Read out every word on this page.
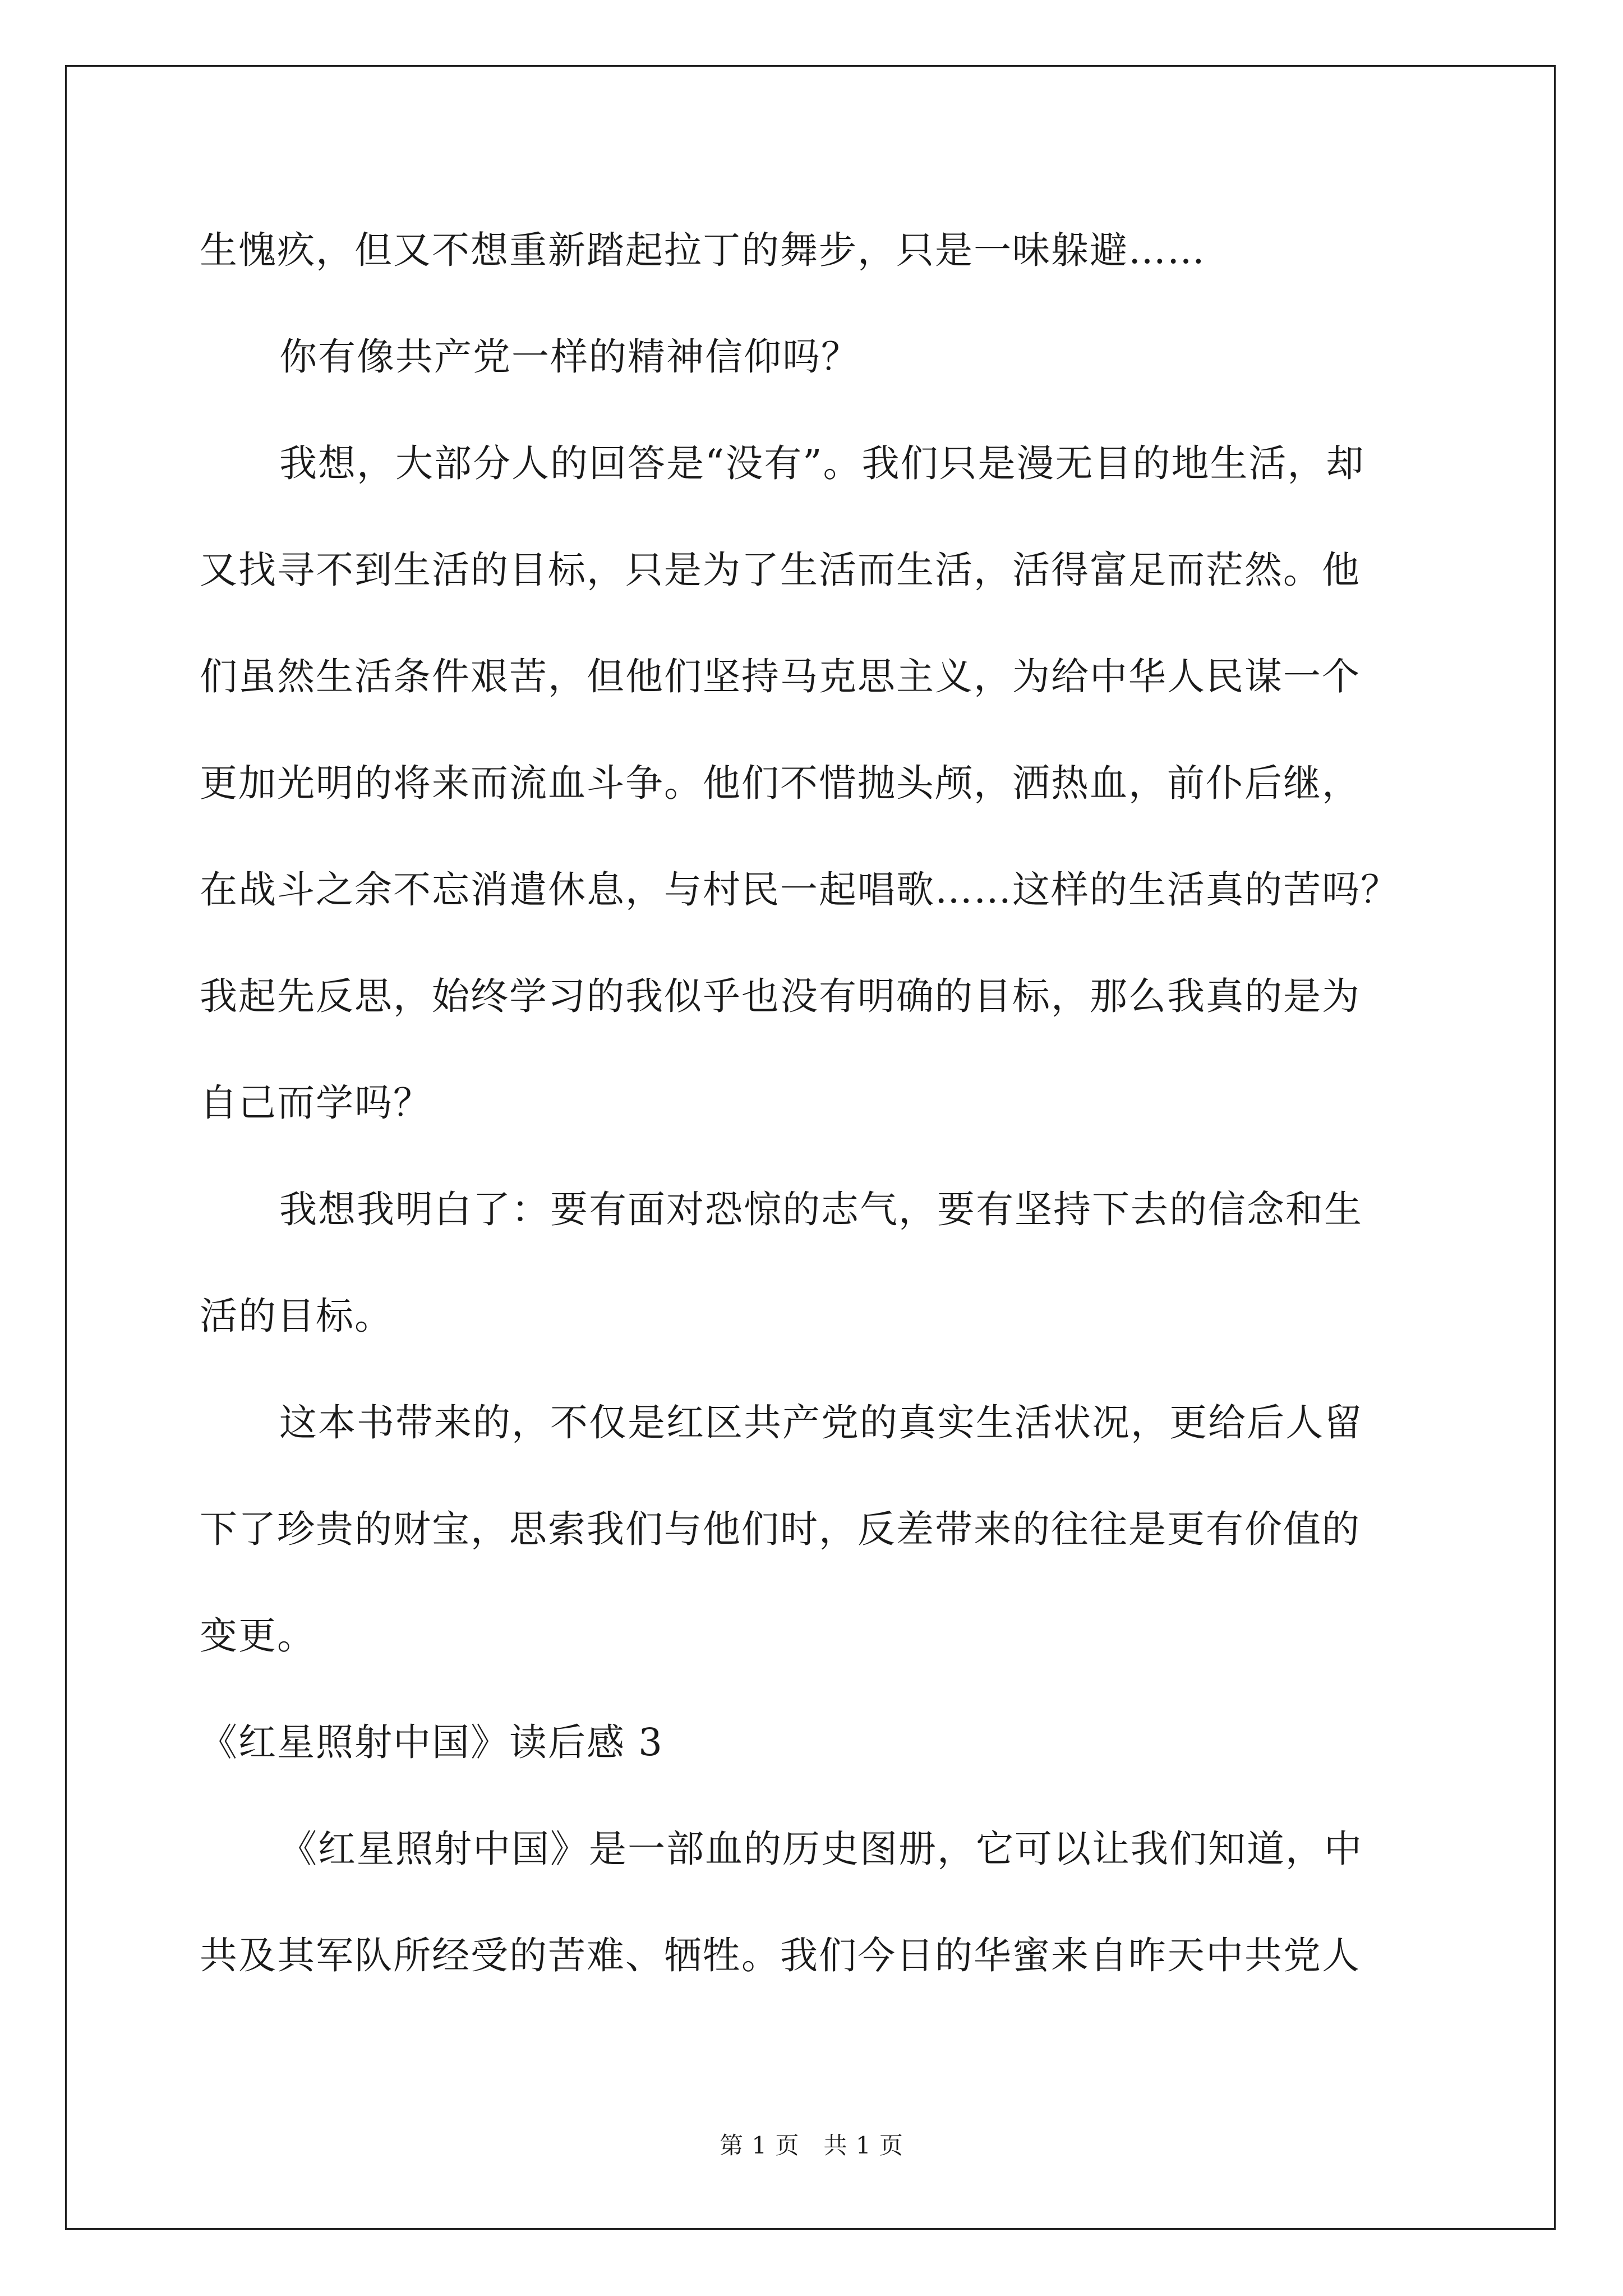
生愧疚，但又不想重新踏起拉丁的舞步，只是一味躲避……
你有像共产党一样的精神信仰吗？
我想，大部分人的回答是“没有”。我们只是漫无目的地生活，却
又找寻不到生活的目标，只是为了生活而生活，活得富足而茫然。他
们虽然生活条件艰苦，但他们坚持马克思主义，为给中华人民谋一个
更加光明的将来而流血斗争。他们不惜抛头颅，洒热血，前仆后继，
在战斗之余不忘消遣休息，与村民一起唱歌……这样的生活真的苦吗？
我起先反思，始终学习的我似乎也没有明确的目标，那么我真的是为
自己而学吗？
我想我明白了：要有面对恐惊的志气，要有坚持下去的信念和生
活的目标。
这本书带来的，不仅是红区共产党的真实生活状况，更给后人留
下了珍贵的财宝，思索我们与他们时，反差带来的往往是更有价值的
变更。
《红星照射中国》读后感 3
《红星照射中国》是一部血的历史图册，它可以让我们知道，中
共及其军队所经受的苦难、牺牲。我们今日的华蜜来自昨天中共党人
第 1 页　共 1 页
